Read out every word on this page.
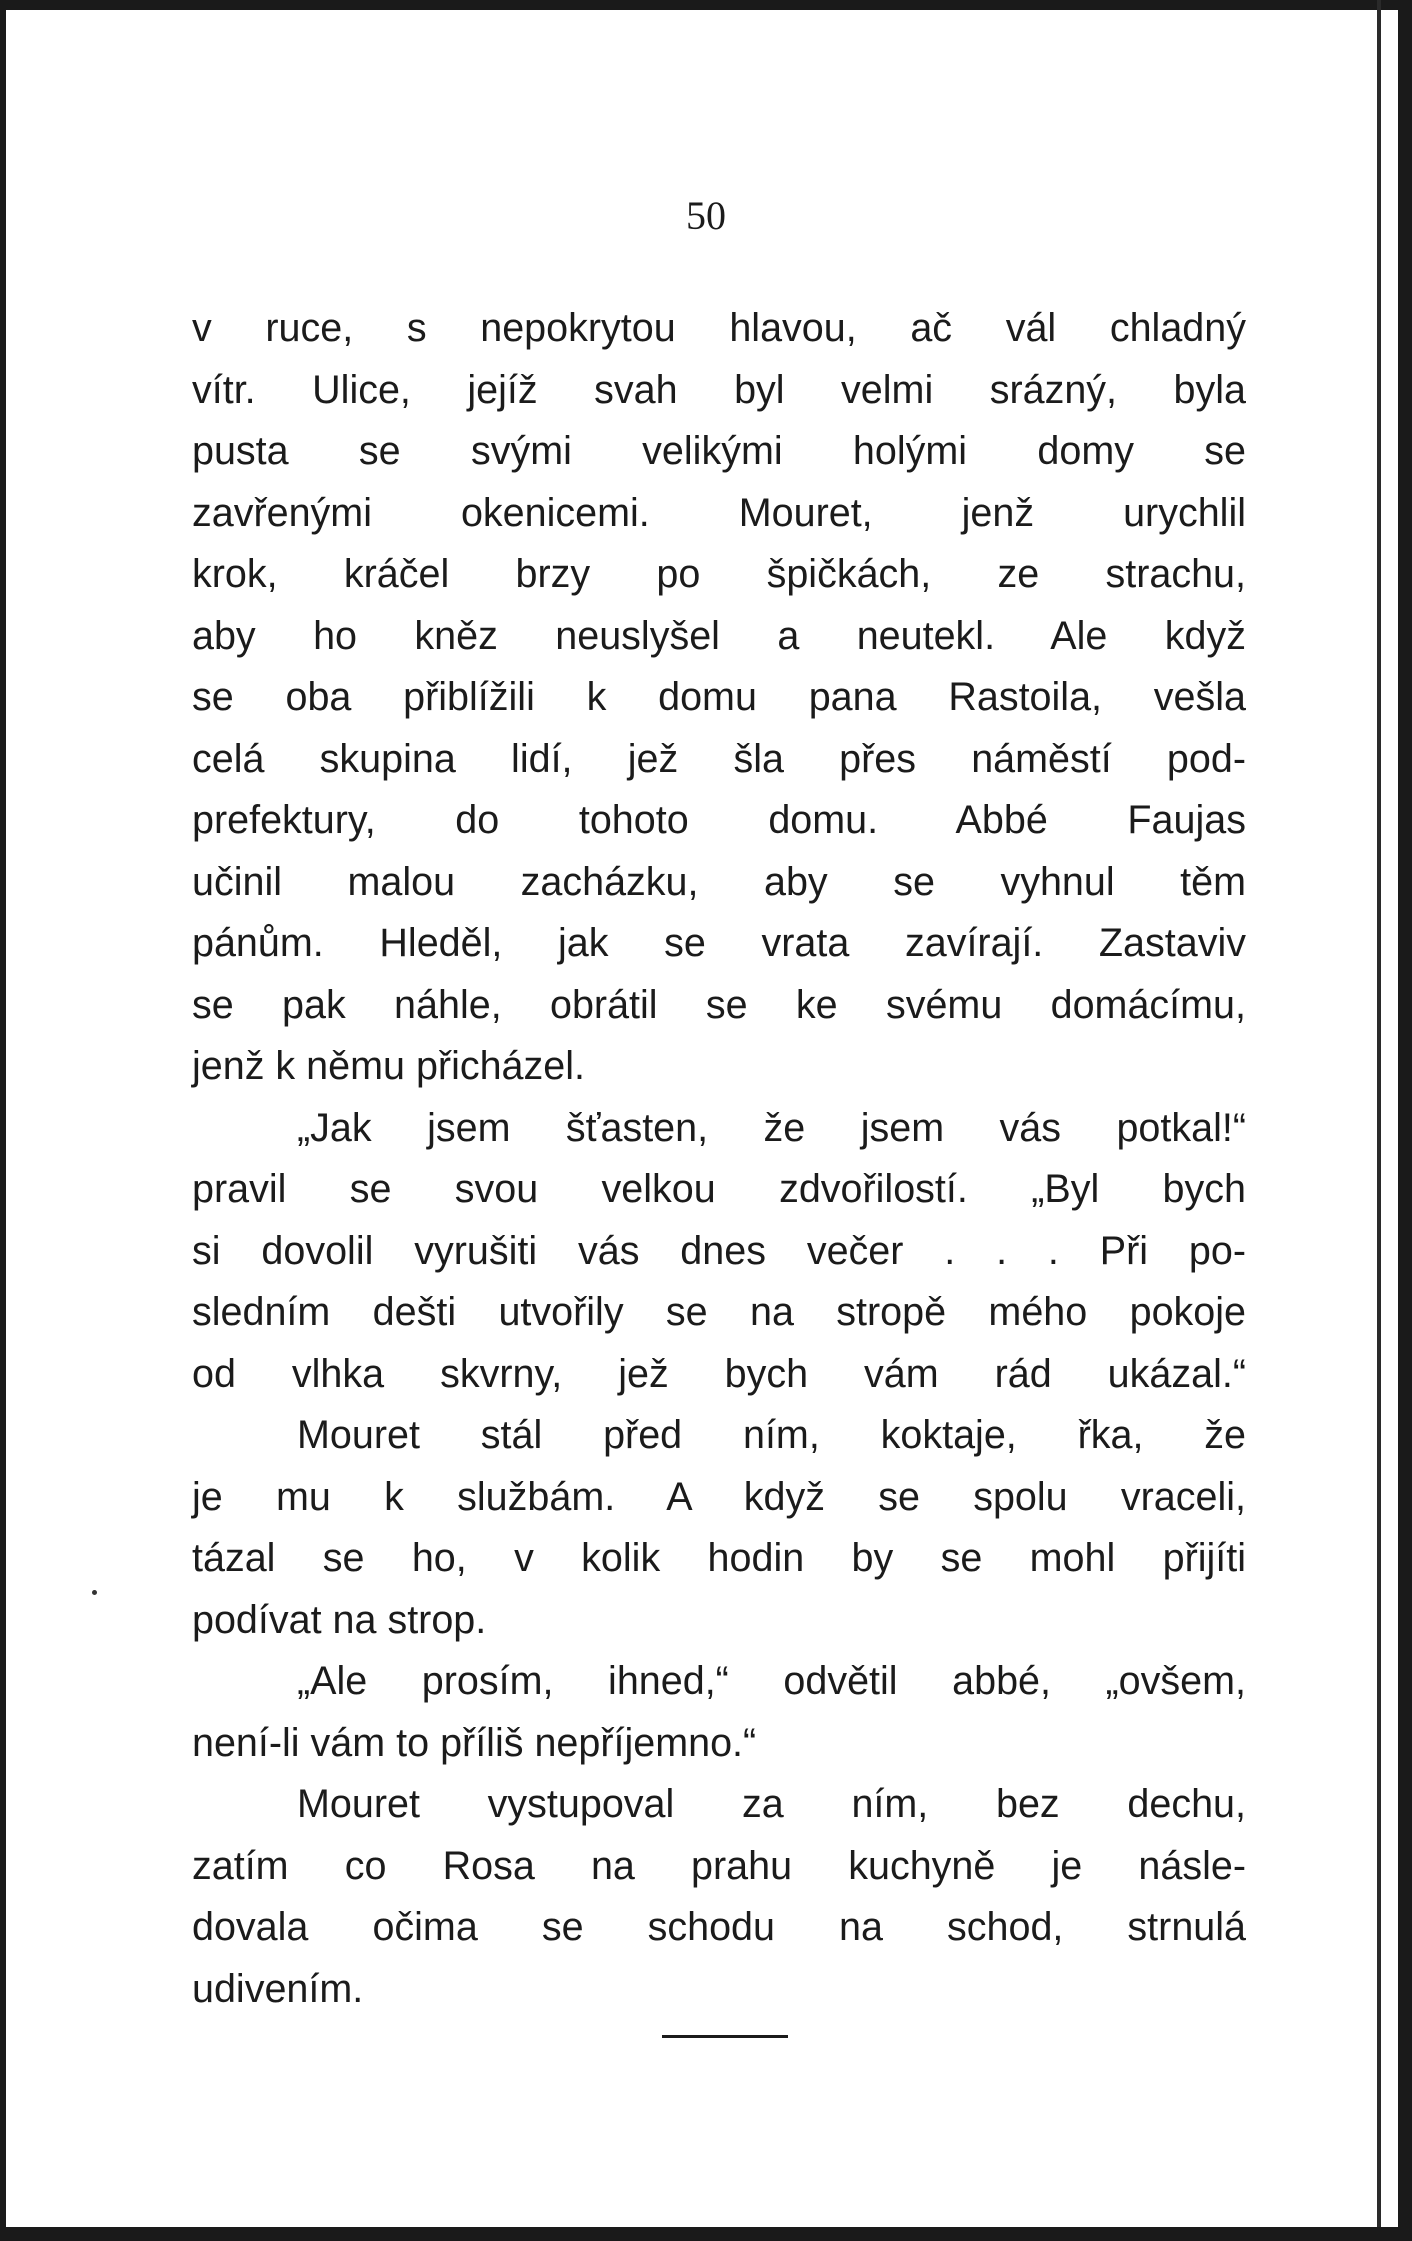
50

v ruce, s nepokrytou hlavou, ač vál chladný
vítr. Ulice, jejíž svah byl velmi srázný, byla
pusta se svými velikými holými domy se
zavřenými okenicemi. Mouret, jenž urychlil
krok, kráčel brzy po špičkách, ze strachu,
aby ho kněz neuslyšel a neutekl. Ale když
se oba přiblížili k domu pana Rastoila, vešla
celá skupina lidí, jež šla přes náměstí pod-
prefektury, do tohoto domu. Abbé Faujas
učinil malou zacházku, aby se vyhnul těm
pánům. Hleděl, jak se vrata zavírají. Zastaviv
se pak náhle, obrátil se ke svému domácímu,
jenž k němu přicházel.
„Jak jsem šťasten, že jsem vás potkal!“
pravil se svou velkou zdvořilostí. „Byl bych
si dovolil vyrušiti vás dnes večer . . . Při po-
sledním dešti utvořily se na stropě mého pokoje
od vlhka skvrny, jež bych vám rád ukázal.“
Mouret stál před ním, koktaje, řka, že
je mu k službám. A když se spolu vraceli,
tázal se ho, v kolik hodin by se mohl přijíti
podívat na strop.
„Ale prosím, ihned,“ odvětil abbé, „ovšem,
není-li vám to příliš nepříjemno.“
Mouret vystupoval za ním, bez dechu,
zatím co Rosa na prahu kuchyně je násle-
dovala očima se schodu na schod, strnulá
udivením.
